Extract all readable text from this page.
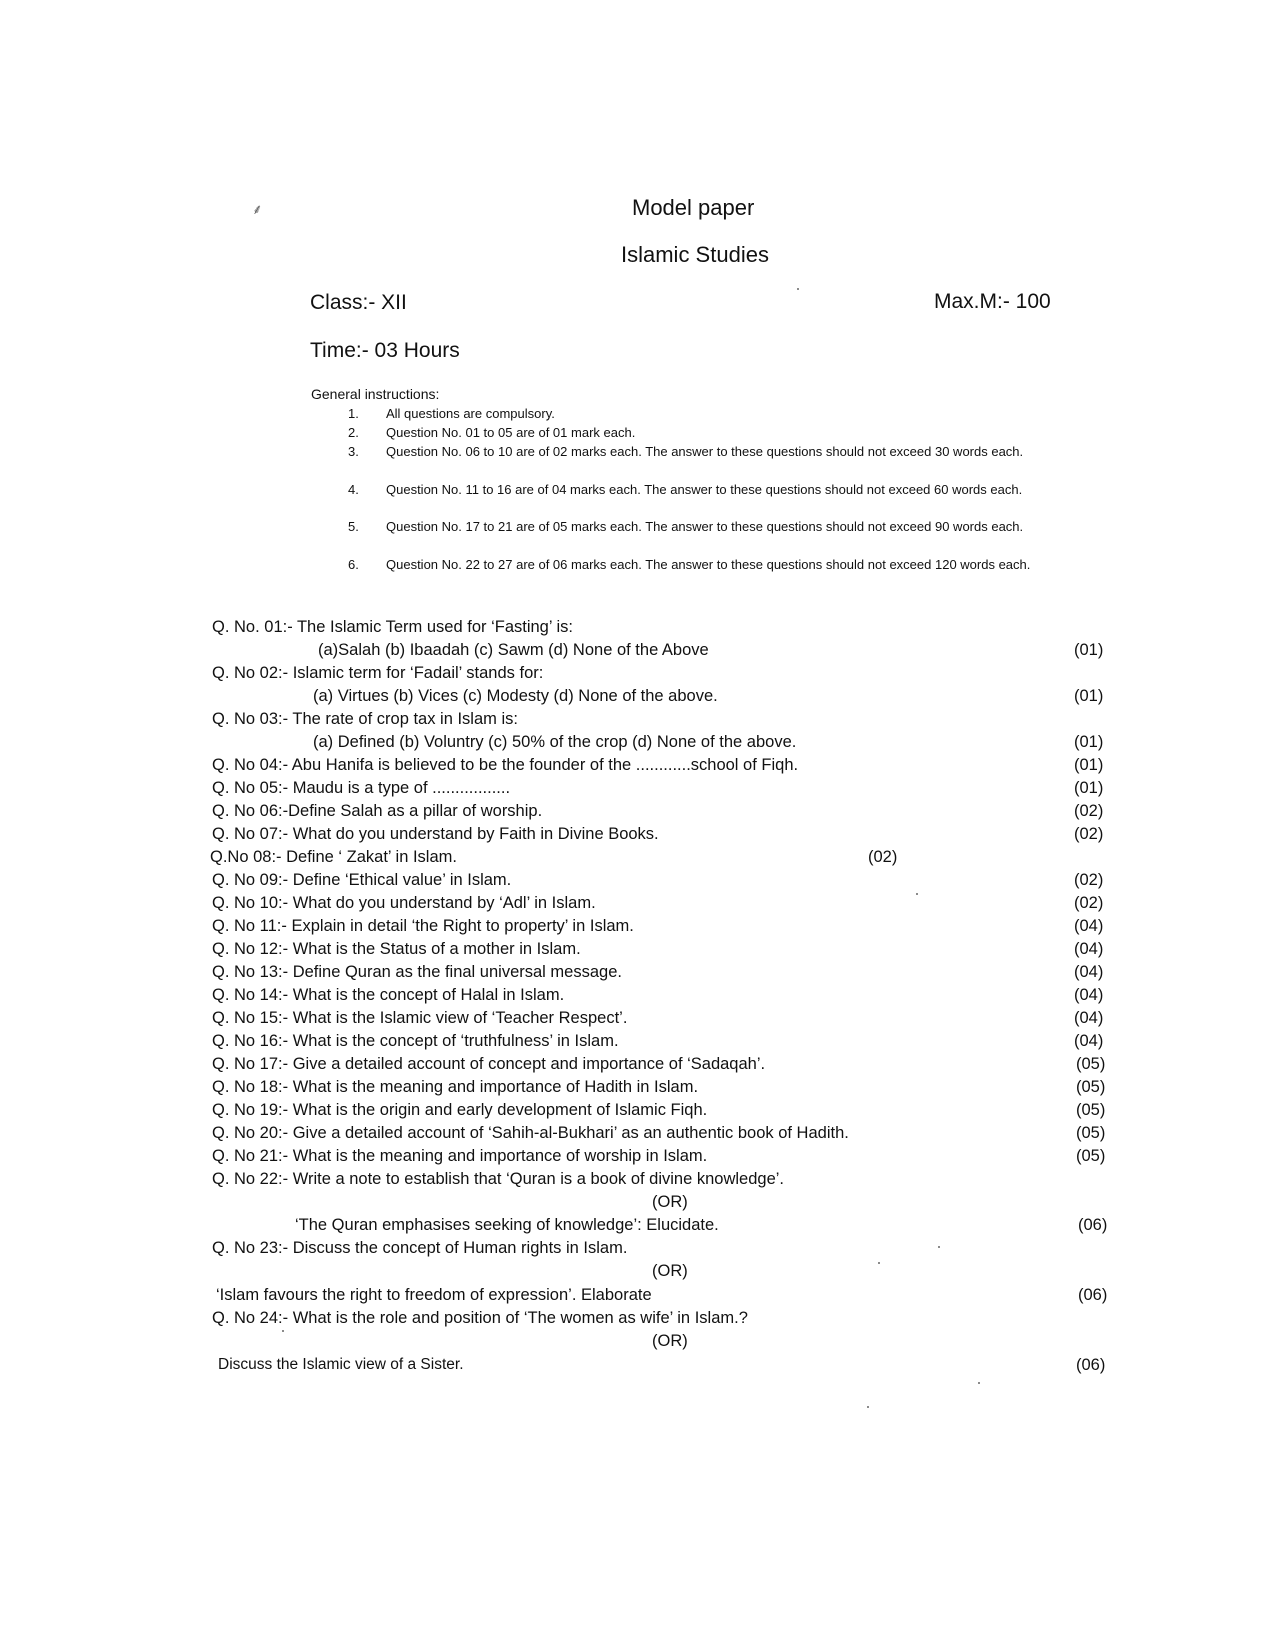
⸙	Model paper
Islamic Studies
Class:- XII	Max.M:- 100
Time:- 03 Hours
General instructions:
1.	All questions are compulsory.
2.	Question No. 01 to 05 are of 01 mark each.
3.	Question No. 06 to 10 are of 02 marks each. The answer to these questions should not exceed 30 words each.
4.	Question No. 11 to 16 are of 04 marks each. The answer to these questions should not exceed 60 words each.
5.	Question No. 17 to 21 are of 05 marks each. The answer to these questions should not exceed 90 words each.
6.	Question No. 22 to 27 are of 06 marks each. The answer to these questions should not exceed 120 words each.
Q. No. 01:- The Islamic Term used for ‘Fasting’ is:
(a)Salah (b) Ibaadah (c) Sawm (d) None of the Above	(01)
Q. No 02:- Islamic term for ‘Fadail’ stands for:
(a) Virtues (b) Vices (c) Modesty (d) None of the above.	(01)
Q. No 03:- The rate of crop tax in Islam is:
(a) Defined (b) Voluntry (c) 50% of the crop (d) None of the above.	(01)
Q. No 04:- Abu Hanifa is believed to be the founder of the ............school of Fiqh.	(01)
Q. No 05:- Maudu is a type of .................	(01)
Q. No 06:-Define Salah as a pillar of worship.	(02)
Q. No 07:- What do you understand by Faith in Divine Books.	(02)
Q.No 08:- Define ‘ Zakat’ in Islam.	(02)
Q. No 09:- Define ‘Ethical value’ in Islam.	(02)
Q. No 10:- What do you understand by ‘Adl’ in Islam.	(02)
Q. No 11:- Explain in detail ‘the Right to property’ in Islam.	(04)
Q. No 12:- What is the Status of a mother in Islam.	(04)
Q. No 13:- Define Quran as the final universal message.	(04)
Q. No 14:- What is the concept of Halal in Islam.	(04)
Q. No 15:- What is the Islamic view of ‘Teacher Respect’.	(04)
Q. No 16:- What is the concept of ‘truthfulness’ in Islam.	(04)
Q. No 17:- Give a detailed account of concept and importance of ‘Sadaqah’.	(05)
Q. No 18:- What is the meaning and importance of Hadith in Islam.	(05)
Q. No 19:- What is the origin and early development of Islamic Fiqh.	(05)
Q. No 20:- Give a detailed account of ‘Sahih-al-Bukhari’ as an authentic book of Hadith.	(05)
Q. No 21:- What is the meaning and importance of worship in Islam.	(05)
Q. No 22:- Write a note to establish that ‘Quran is a book of divine knowledge’.
(OR)
‘The Quran emphasises seeking of knowledge’: Elucidate.	(06)
Q. No 23:- Discuss the concept of Human rights in Islam.
(OR)
‘Islam favours the right to freedom of expression’. Elaborate	(06)
Q. No 24:- What is the role and position of ‘The women as wife’ in Islam.?
(OR)
Discuss the Islamic view of a Sister.	(06)
